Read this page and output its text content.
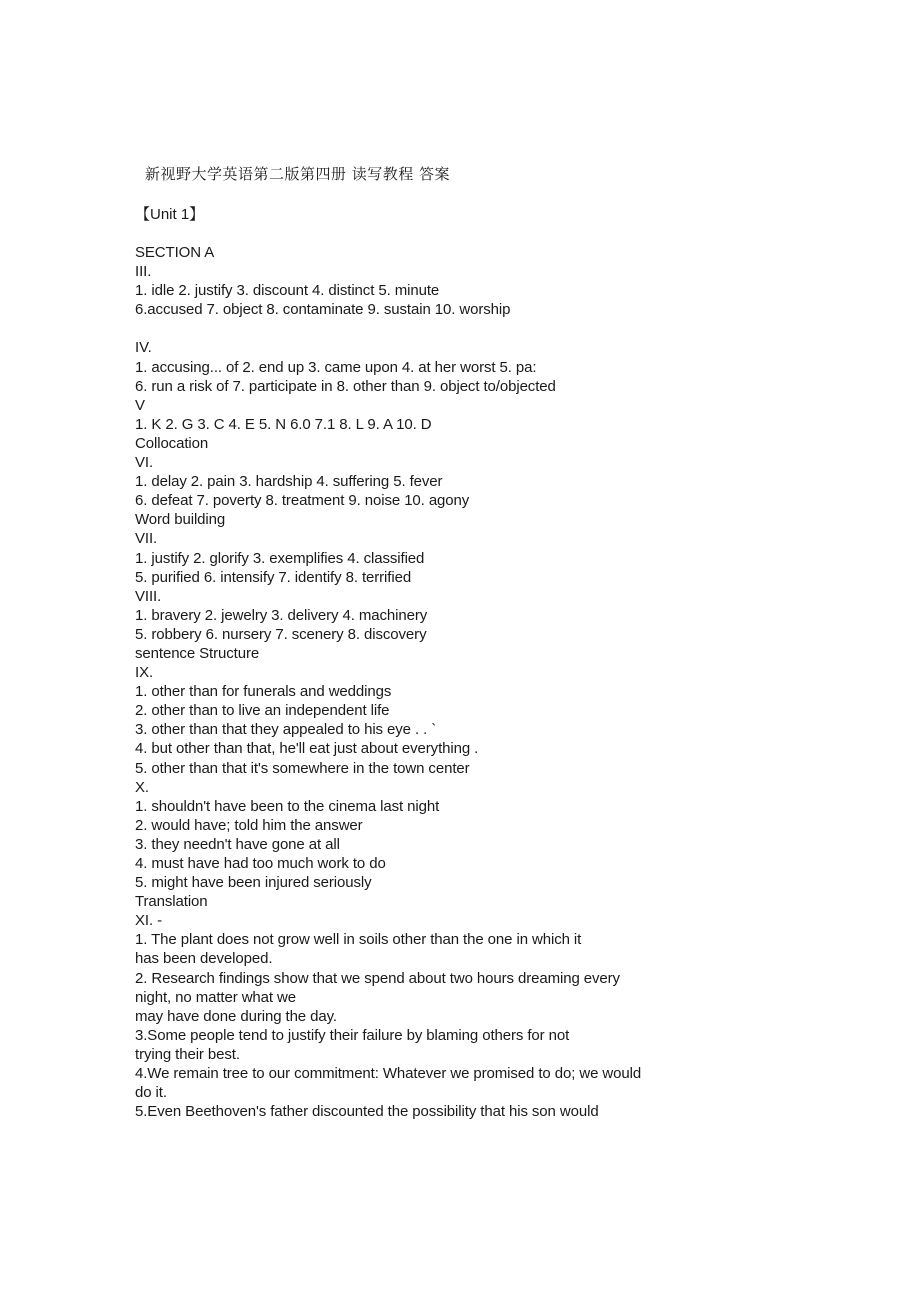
新视野大学英语第二版第四册 读写教程 答案
【Unit 1】
SECTION A
III.
1. idle 2. justify 3. discount 4. distinct 5. minute
6.accused 7. object 8. contaminate 9. sustain 10. worship
IV.
1. accusing... of 2. end up 3. came upon 4. at her worst 5. pa:
6. run a risk of 7. participate in 8. other than 9. object to/objected
V
1. K 2. G 3. C 4. E 5. N 6.0 7.1 8. L 9. A 10. D
Collocation
VI.
1. delay 2. pain 3. hardship 4. suffering 5. fever
6. defeat 7. poverty 8. treatment 9. noise 10. agony
Word building
VII.
1. justify 2. glorify 3. exemplifies 4. classified
5. purified 6. intensify 7. identify 8. terrified
VIII.
1. bravery 2. jewelry 3. delivery 4. machinery
5. robbery 6. nursery 7. scenery 8. discovery
sentence Structure
IX.
1. other than for funerals and weddings
2. other than to live an independent life
3. other than that they appealed to his eye . . `
4. but other than that, he'll eat just about everything .
5. other than that it's somewhere in the town center
X.
1. shouldn't have been to the cinema last night
2. would have; told him the answer
3. they needn't have gone at all
4. must have had too much work to do
5. might have been injured seriously
Translation
XI. -
1. The plant does not grow well in soils other than the one in which it
has been developed.
2. Research findings show that we spend about two hours dreaming every
night, no matter what we
may have done during the day.
3.Some people tend to justify their failure by blaming others for not
trying their best.
4.We remain tree to our commitment: Whatever we promised to do; we would
do it.
5.Even Beethoven's father discounted the possibility that his son would
